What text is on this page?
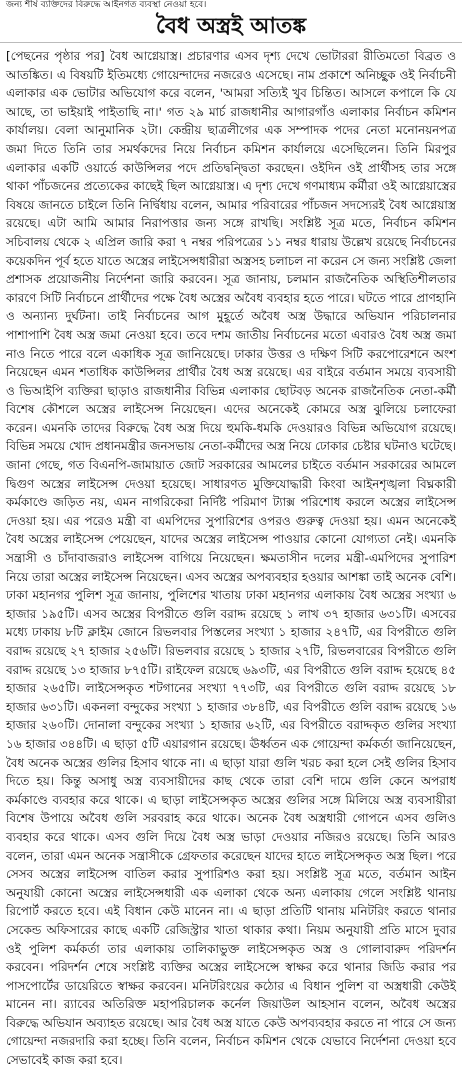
জন্য শীর্ষ ব্যক্তিদের বিরুদ্ধে আইনগত ব্যবস্থা নেওয়া হবে।
বৈধ অস্ত্রই আতঙ্ক

[পেছনের পৃষ্ঠার পর] বৈধ আগ্নেয়াস্ত্র। প্রচারণার এসব দৃশ্য দেখে ভোটাররা রীতিমতো বিব্রত ও আতঙ্কিত। এ বিষয়টি ইতিমধ্যে গোয়েন্দাদের নজরেও এসেছে। নাম প্রকাশে অনিচ্ছুক ওই নির্বাচনী এলাকার এক ভোটার অভিযোগ করে বলেন, 'আমরা সত্যিই খুব চিন্তিত। আসলে কপালে কি যে আছে, তা ভাইয়াই পাইতাছি না।' গত ২৯ মার্চ রাজধানীর আগারগাঁও এলাকার নির্বাচন কমিশন কার্যালয়। বেলা আনুমানিক ২টা। কেন্দ্রীয় ছাত্রলীগের এক সম্পাদক পদের নেতা মনোনয়নপত্র জমা দিতে তিনি তার সমর্থকদের নিয়ে নির্বাচন কমিশন কার্যালয়ে এসেছিলেন। তিনি মিরপুর এলাকার একটি ওয়ার্ডে কাউন্সিলর পদে প্রতিদ্বন্দ্বিতা করছেন। ওইদিন ওই প্রার্থীসহ তার সঙ্গে থাকা পাঁচজনের প্রত্যেকের কাছেই ছিল আগ্নেয়াস্ত্র। এ দৃশ্য দেখে গণমাধ্যম কর্মীরা ওই আগ্নেয়াস্ত্রের বিষয়ে জানতে চাইলে তিনি নির্দ্বিধায় বলেন, আমার পরিবারের পাঁচজন সদস্যেরই বৈধ আগ্নেয়াস্ত্র রয়েছে। এটা আমি আমার নিরাপত্তার জন্য সঙ্গে রাখছি। সংশ্লিষ্ট সূত্র মতে, নির্বাচন কমিশন সচিবালয় থেকে ২ এপ্রিল জারি করা ৭ নম্বর পরিপত্রের ১১ নম্বর ধারায় উল্লেখ রয়েছে নির্বাচনের কয়েকদিন পূর্ব হতে যাতে অস্ত্রের লাইসেন্সধারীরা অস্ত্রসহ চলাচল না করেন সে জন্য সংশ্লিষ্ট জেলা প্রশাসক প্রয়োজনীয় নির্দেশনা জারি করবেন। সূত্র জানায়, চলমান রাজনৈতিক অস্থিতিশীলতার কারণে সিটি নির্বাচনে প্রার্থীদের পক্ষে বৈধ অস্ত্রের অবৈধ ব্যবহার হতে পারে। ঘটতে পারে প্রাণহানি ও অন্যান্য দুর্ঘটনা। তাই নির্বাচনের আগ মুহূর্তে অবৈধ অস্ত্র উদ্ধারে অভিযান পরিচালনার পাশাপাশি বৈধ অস্ত্র জমা নেওয়া হবে। তবে দশম জাতীয় নির্বাচনের মতো এবারও বৈধ অস্ত্র জমা নাও নিতে পারে বলে একাধিক সূত্র জানিয়েছে। ঢাকার উত্তর ও দক্ষিণ সিটি করপোরেশনে অংশ নিয়েছেন এমন শতাধিক কাউন্সিলর প্রার্থীর বৈধ অস্ত্র রয়েছে। এর বাইরে বর্তমান সময়ে ব্যবসায়ী ও ভিআইপি ব্যক্তিরা ছাড়াও রাজধানীর বিভিন্ন এলাকার ছোটবড় অনেক রাজনৈতিক নেতা-কর্মী বিশেষ কৌশলে অস্ত্রের লাইসেন্স নিয়েছেন। এদের অনেকেই কোমরে অস্ত্র ঝুলিয়ে চলাফেরা করেন। এমনকি তাদের বিরুদ্ধে বৈধ অস্ত্র দিয়ে হুমকি-ধমকি দেওয়ারও বিভিন্ন অভিযোগ রয়েছে। বিভিন্ন সময়ে খোদ প্রধানমন্ত্রীর জনসভায় নেতা-কর্মীদের অস্ত্র নিয়ে ঢোকার চেষ্টার ঘটনাও ঘটেছে। জানা গেছে, গত বিএনপি-জামায়াত জোট সরকারের আমলের চাইতে বর্তমান সরকারের আমলে দ্বিগুণ অস্ত্রের লাইসেন্স দেওয়া হয়েছে। সাধারণত মুক্তিযোদ্ধারী কিংবা আইনশৃঙ্খলা বিঘ্নকারী কর্মকাণ্ডে জড়িত নয়, এমন নাগরিকেরা নির্দিষ্ট পরিমাণ ট্যাক্স পরিশোধ করলে অস্ত্রের লাইসেন্স দেওয়া হয়। এর পরেও মন্ত্রী বা এমপিদের সুপারিশের ওপরও গুরুত্ব দেওয়া হয়। এমন অনেকেই বৈধ অস্ত্রের লাইসেন্স পেয়েছেন, যাদের অস্ত্রের লাইসেন্স পাওয়ার কোনো যোগ্যতা নেই। এমনকি সন্ত্রাসী ও চাঁদাবাজরাও লাইসেন্স বাগিয়ে নিয়েছেন। ক্ষমতাসীন দলের মন্ত্রী-এমপিদের সুপারিশ নিয়ে তারা অস্ত্রের লাইসেন্স নিয়েছেন। এসব অস্ত্রের অপব্যবহার হওয়ার আশঙ্কা তাই অনেক বেশি। ঢাকা মহানগর পুলিশ সূত্র জানায়, পুলিশের খাতায় ঢাকা মহানগর এলাকায় বৈধ অস্ত্রের সংখ্যা ৬ হাজার ১৯৫টি। এসব অস্ত্রের বিপরীতে গুলি বরাদ্দ রয়েছে ১ লাখ ৩৭ হাজার ৬৩১টি। এসবের মধ্যে ঢাকায় ৮টি ক্লাইম জোনে রিভলবার পিস্তলের সংখ্যা ১ হাজার ২৪৭টি, এর বিপরীতে গুলি বরাদ্দ রয়েছে ২৭ হাজার ২৫৬টি। রিভলবার রয়েছে ১ হাজার ২৭টি, রিভলবারের বিপরীতে গুলি বরাদ্দ রয়েছে ১৩ হাজার ৮৭৫টি। রাইফেল রয়েছে ৬৯৩টি, এর বিপরীতে গুলি বরাদ্দ হয়েছে ৪৫ হাজার ২৬৫টি। লাইসেন্সকৃত শটগানের সংখ্যা ৭৭৩টি, এর বিপরীতে গুলি বরাদ্দ রয়েছে ১৮ হাজার ৬৩১টি। একনলা বন্দুকের সংখ্যা ১ হাজার ৩৮৪টি, এর বিপরীতে গুলি বরাদ্দ রয়েছে ১৬ হাজার ২৬০টি। দোনালা বন্দুকের সংখ্যা ১ হাজার ৬২টি, এর বিপরীতে বরাদ্দকৃত গুলির সংখ্যা ১৬ হাজার ৩৪৪টি। এ ছাড়া ৫টি এয়ারগান রয়েছে। ঊর্ধ্বতন এক গোয়েন্দা কর্মকর্তা জানিয়েছেন, বৈধ অনেক অস্ত্রের গুলির হিসাব থাকে না। এ ছাড়া যারা গুলি খরচ করা হলে সেই গুলির হিসাব দিতে হয়। কিন্তু অসাধু অস্ত্র ব্যবসায়ীদের কাছ থেকে তারা বেশি দামে গুলি কেনে অপরাধ কর্মকাণ্ডে ব্যবহার করে থাকে। এ ছাড়া লাইসেন্সকৃত অস্ত্রের গুলির সঙ্গে মিলিয়ে অস্ত্র ব্যবসায়ীরা বিশেষ উপায়ে অবৈধ গুলি সরবরাহ করে থাকে। অনেক বৈধ অস্ত্রধারী গোপনে এসব গুলিও ব্যবহার করে থাকে। এসব গুলি দিয়ে বৈধ অস্ত্র ভাড়া দেওয়ার নজিরও রয়েছে। তিনি আরও বলেন, তারা এমন অনেক সন্ত্রাসীকে গ্রেফতার করেছেন যাদের হাতে লাইসেন্সকৃত অস্ত্র ছিল। পরে সেসব অস্ত্রের লাইসেন্স বাতিল করার সুপারিশও করা হয়। সংশ্লিষ্ট সূত্র মতে, বর্তমান আইন অনুযায়ী কোনো অস্ত্রের লাইসেন্সধারী এক এলাকা থেকে অন্য এলাকায় গেলে সংশ্লিষ্ট থানায় রিপোর্ট করতে হবে। এই বিধান কেউ মানেন না। এ ছাড়া প্রতিটি থানায় মনিটরিং করতে থানার সেকেন্ড অফিসারের কাছে একটি রেজিস্ট্রার খাতা থাকার কথা। নিয়ম অনুযায়ী প্রতি মাসে দুবার ওই পুলিশ কর্মকর্তা তার এলাকায় তালিকাভুক্ত লাইসেন্সকৃত অস্ত্র ও গোলাবারুদ পরিদর্শন করবেন। পরিদর্শন শেষে সংশ্লিষ্ট ব্যক্তির অস্ত্রের লাইসেন্সে স্বাক্ষর করে থানার জিডি করার পর পাসপোর্টের ডায়েরিতে স্বাক্ষর করবেন। মনিটরিংয়ের কঠোর এ বিধান পুলিশ বা অস্ত্রধারী কেউই মানেন না। র‌্যাবের অতিরিক্ত মহাপরিচালক কর্নেল জিয়াউল আহসান বলেন, অবৈধ অস্ত্রের বিরুদ্ধে অভিযান অব্যাহত রয়েছে। আর বৈধ অস্ত্র যাতে কেউ অপব্যবহার করতে না পারে সে জন্য গোয়েন্দা নজরদারি করা হচ্ছে। তিনি বলেন, নির্বাচন কমিশন থেকে যেভাবে নির্দেশনা দেওয়া হবে সেভাবেই কাজ করা হবে।
